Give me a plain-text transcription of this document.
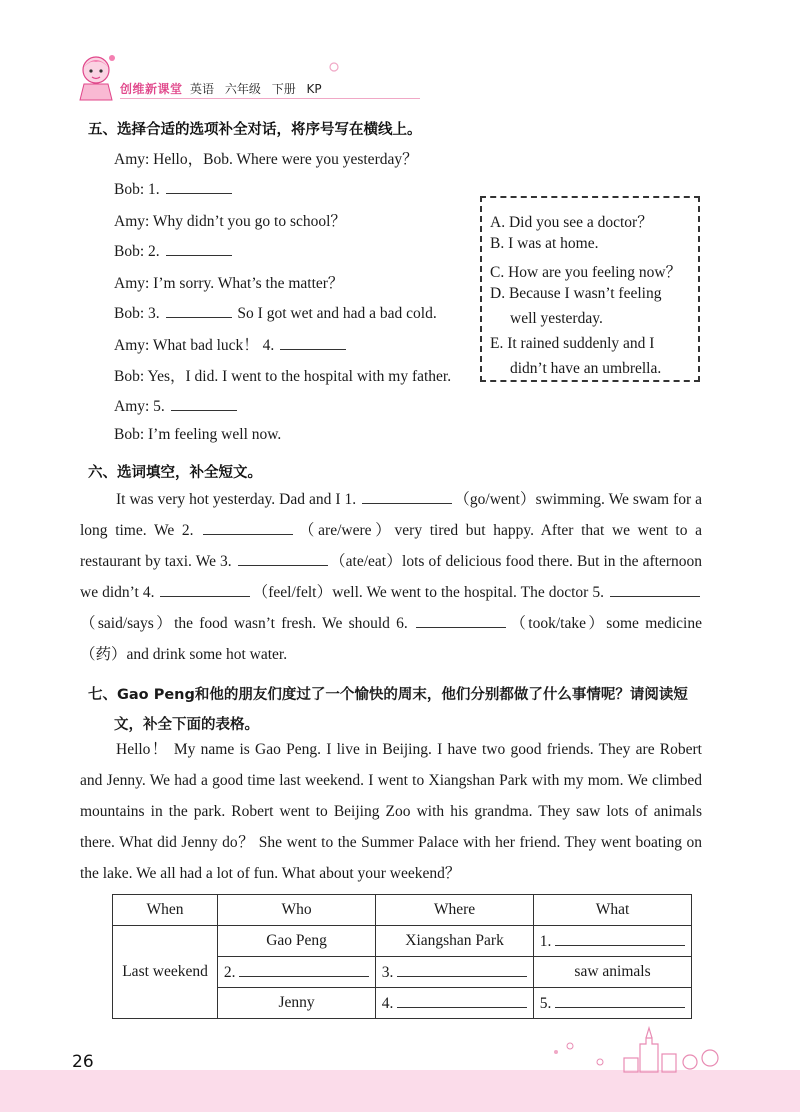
创维新课堂 英语 六年级 下册 KP
五、选择合适的选项补全对话，将序号写在横线上。
Amy: Hello，Bob. Where were you yesterday？
Bob: 1.
Amy: Why didn’t you go to school？
Bob: 2.
Amy: I’m sorry. What’s the matter？
Bob: 3.	So I got wet and had a bad cold.
Amy: What bad luck！ 4.
Bob: Yes，I did. I went to the hospital with my father.
Amy: 5.
Bob: I’m feeling well now.
A. Did you see a doctor？
B. I was at home.
C. How are you feeling now？
D. Because I wasn’t feeling
well yesterday.
E. It rained suddenly and I
didn’t have an umbrella.
六、选词填空，补全短文。
It was very hot yesterday. Dad and I 1.	（go/went）swimming. We swam for a long time. We 2.	（are/were）very tired but happy. After that we went to a restaurant by taxi. We 3.	（ate/eat）lots of delicious food there. But in the afternoon we didn’t 4.	（feel/felt）well. We went to the hospital. The doctor 5. （said/says）the food wasn’t fresh. We should 6.	（took/take）some medicine（药）and drink some hot water.
七、Gao Peng和他的朋友们度过了一个愉快的周末，他们分别都做了什么事情呢？请阅读短文，补全下面的表格。
Hello！ My name is Gao Peng. I live in Beijing. I have two good friends. They are Robert and Jenny. We had a good time last weekend. I went to Xiangshan Park with my mom. We climbed mountains in the park. Robert went to Beijing Zoo with his grandma. They saw lots of animals there. What did Jenny do？ She went to the Summer Palace with her friend. They went boating on the lake. We all had a lot of fun. What about your weekend？
When	Who	Where	What
Last weekend	Gao Peng	Xiangshan Park	1.
	2.	3.	saw animals
	Jenny	4.	5.
26
